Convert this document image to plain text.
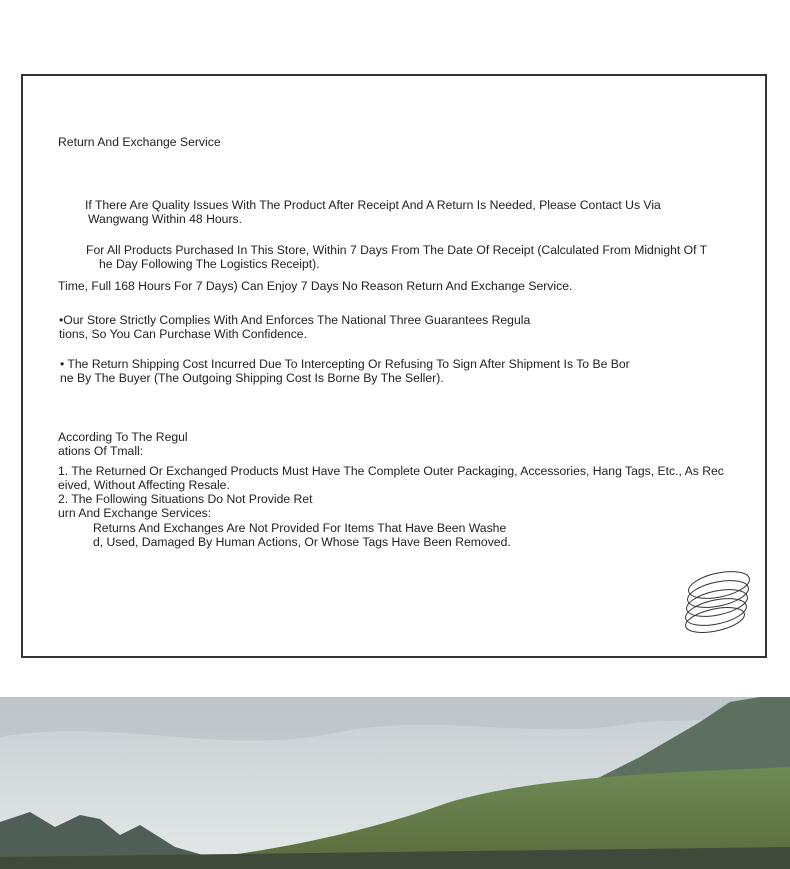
Return And Exchange Service

If There Are Quality Issues With The Product After Receipt And A Return Is Needed, Please Contact Us Via

Wangwang Within 48 Hours.

For All Products Purchased In This Store, Within 7 Days From The Date Of Receipt (Calculated From Midnight Of T

he Day Following The Logistics Receipt).

Time, Full 168 Hours For 7 Days) Can Enjoy 7 Days No Reason Return And Exchange Service.

•Our Store Strictly Complies With And Enforces The National Three Guarantees Regula

tions, So You Can Purchase With Confidence.

• The Return Shipping Cost Incurred Due To Intercepting Or Refusing To Sign After Shipment Is To Be Bor

ne By The Buyer (The Outgoing Shipping Cost Is Borne By The Seller).

According To The Regul

ations Of Tmall:

1. The Returned Or Exchanged Products Must Have The Complete Outer Packaging, Accessories, Hang Tags, Etc., As Rec

eived, Without Affecting Resale.

2. The Following Situations Do Not Provide Ret

urn And Exchange Services:

Returns And Exchanges Are Not Provided For Items That Have Been Washe

d, Used, Damaged By Human Actions, Or Whose Tags Have Been Removed.
